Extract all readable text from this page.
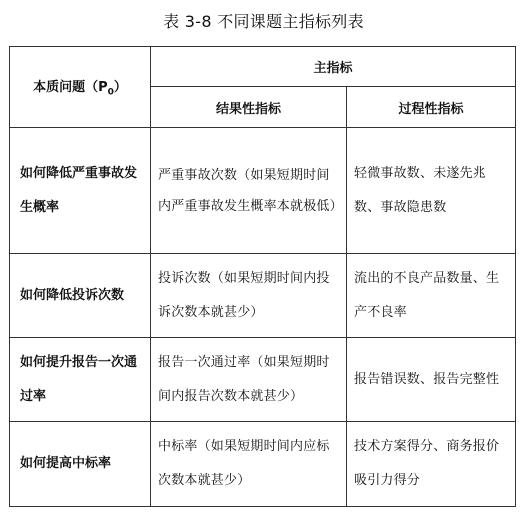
表 3-8 不同课题主指标列表
本质问题$(P_0)$	主指标	
	结果性指标	过程性指标
如何降低严重事故发生概率	严重事故次数（如果短期时间内严重事故发生概率本就极低）	轻微事故数、未遂先兆数、事故隐患数
如何降低投诉次数	投诉次数（如果短期时间内投诉次数本就甚少）	流出的不良产品数量、生产不良率
如何提升报告一次通过率	报告一次通过率（如果短期时间内报告次数本就甚少）	报告错误数、报告完整性
如何提高中标率	中标率（如果短期时间内应标次数本就甚少）	技术方案得分、商务报价吸引力得分
